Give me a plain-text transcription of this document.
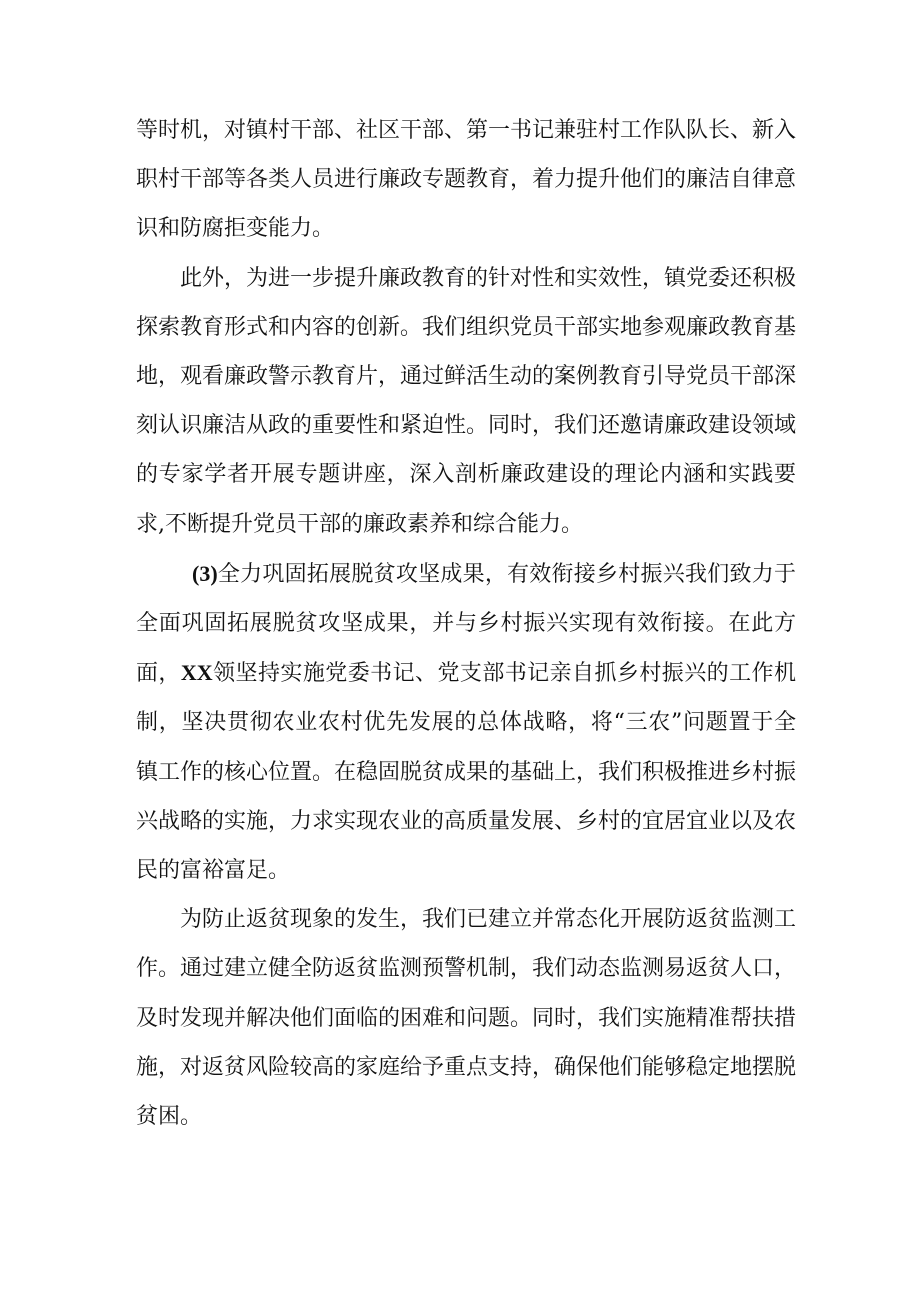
等时机，对镇村干部、社区干部、第一书记兼驻村工作队队长、新入职村干部等各类人员进行廉政专题教育，着力提升他们的廉洁自律意识和防腐拒变能力。

此外，为进一步提升廉政教育的针对性和实效性，镇党委还积极探索教育形式和内容的创新。我们组织党员干部实地参观廉政教育基地，观看廉政警示教育片，通过鲜活生动的案例教育引导党员干部深刻认识廉洁从政的重要性和紧迫性。同时，我们还邀请廉政建设领域的专家学者开展专题讲座，深入剖析廉政建设的理论内涵和实践要求,不断提升党员干部的廉政素养和综合能力。

(3)全力巩固拓展脱贫攻坚成果，有效衔接乡村振兴我们致力于全面巩固拓展脱贫攻坚成果，并与乡村振兴实现有效衔接。在此方面，XX领坚持实施党委书记、党支部书记亲自抓乡村振兴的工作机制，坚决贯彻农业农村优先发展的总体战略，将“三农”问题置于全镇工作的核心位置。在稳固脱贫成果的基础上，我们积极推进乡村振兴战略的实施，力求实现农业的高质量发展、乡村的宜居宜业以及农民的富裕富足。

为防止返贫现象的发生，我们已建立并常态化开展防返贫监测工作。通过建立健全防返贫监测预警机制，我们动态监测易返贫人口，及时发现并解决他们面临的困难和问题。同时，我们实施精准帮扶措施，对返贫风险较高的家庭给予重点支持，确保他们能够稳定地摆脱贫困。
